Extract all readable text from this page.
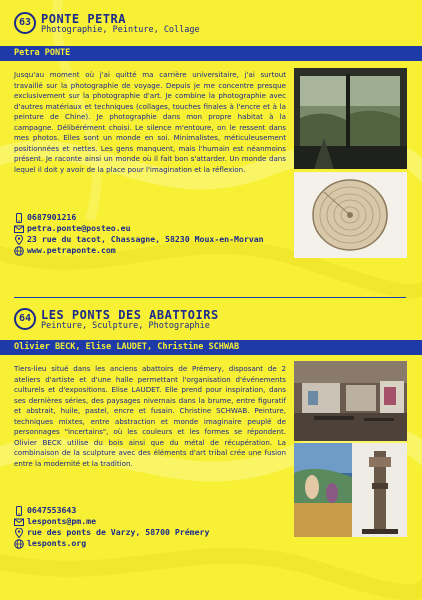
63 PONTE PETRA
Photographie, Peinture, Collage
Petra PONTE
Jusqu'au moment où j'ai quitté ma carrière universitaire, j'ai surtout travaillé sur la photographie de voyage. Depuis je me concentre presque exclusivement sur la photographie d'art. Je combine la photographie avec d'autres matériaux et techniques (collages, touches finales à l'encre et à la peinture de Chine). Je photographie dans mon propre habitat à la campagne. Délibérément choisi. Le silence m'entoure, on le ressent dans mes photos. Elles sont un monde en soi. Minimalistes, méticuleusement positionnées et nettes. Les gens manquent, mais l'humain est néanmoins présent. Je raconte ainsi un monde où il fait bon s'attarder. Un monde dans lequel il doit y avoir de la place pour l'imagination et la réflexion.
0687901216
petra.ponte@posteo.eu
23 rue du tacot, Chassagne, 58230 Moux-en-Morvan
www.petraponte.com
64 LES PONTS DES ABATTOIRS
Peinture, Sculpture, Photographie
Olivier BECK, Elise LAUDET, Christine SCHWAB
Tiers-lieu situé dans les anciens abattoirs de Prémery, disposant de 2 ateliers d'artiste et d'une halle permettant l'organisation d'événements culturels et d'expositions. Elise LAUDET. Elle prend pour inspiration, dans ses dernières séries, des paysages nivernais dans la brume, entre figuratif et abstrait, huile, pastel, encre et fusain. Christine SCHWAB. Peinture, techniques mixtes, entre abstraction et monde imaginaire peuplé de personnages "incertains", où les couleurs et les formes se répondent. Olivier BECK utilise du bois ainsi que du métal de récupération. La combinaison de la sculpture avec des éléments d'art tribal crée une fusion entre la modernité et la tradition.
0647553643
lesponts@pm.me
rue des ponts de Varzy, 58700 Prémery
lesponts.org
